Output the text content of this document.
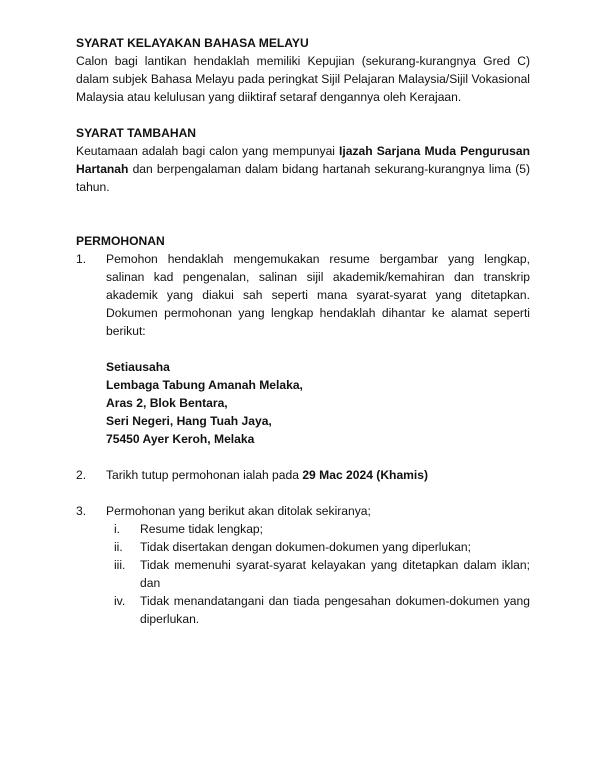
SYARAT KELAYAKAN BAHASA MELAYU

Calon bagi lantikan hendaklah memiliki Kepujian (sekurang-kurangnya Gred C) dalam subjek Bahasa Melayu pada peringkat Sijil Pelajaran Malaysia/Sijil Vokasional Malaysia atau kelulusan yang diiktiraf setaraf dengannya oleh Kerajaan.

SYARAT TAMBAHAN

Keutamaan adalah bagi calon yang mempunyai Ijazah Sarjana Muda Pengurusan Hartanah dan berpengalaman dalam bidang hartanah sekurang-kurangnya lima (5) tahun.

PERMOHONAN

1.	Pemohon hendaklah mengemukakan resume bergambar yang lengkap, salinan kad pengenalan, salinan sijil akademik/kemahiran dan transkrip akademik yang diakui sah seperti mana syarat-syarat yang ditetapkan. Dokumen permohonan yang lengkap hendaklah dihantar ke alamat seperti berikut:
Setiausaha
Lembaga Tabung Amanah Melaka,
Aras 2, Blok Bentara,
Seri Negeri, Hang Tuah Jaya,
75450 Ayer Keroh, Melaka
2.	Tarikh tutup permohonan ialah pada 29 Mac 2024 (Khamis)
3.	Permohonan yang berikut akan ditolak sekiranya;
i.	Resume tidak lengkap;
ii.	Tidak disertakan dengan dokumen-dokumen yang diperlukan;
iii.	Tidak memenuhi syarat-syarat kelayakan yang ditetapkan dalam iklan; dan
iv.	Tidak menandatangani dan tiada pengesahan dokumen-dokumen yang diperlukan.
